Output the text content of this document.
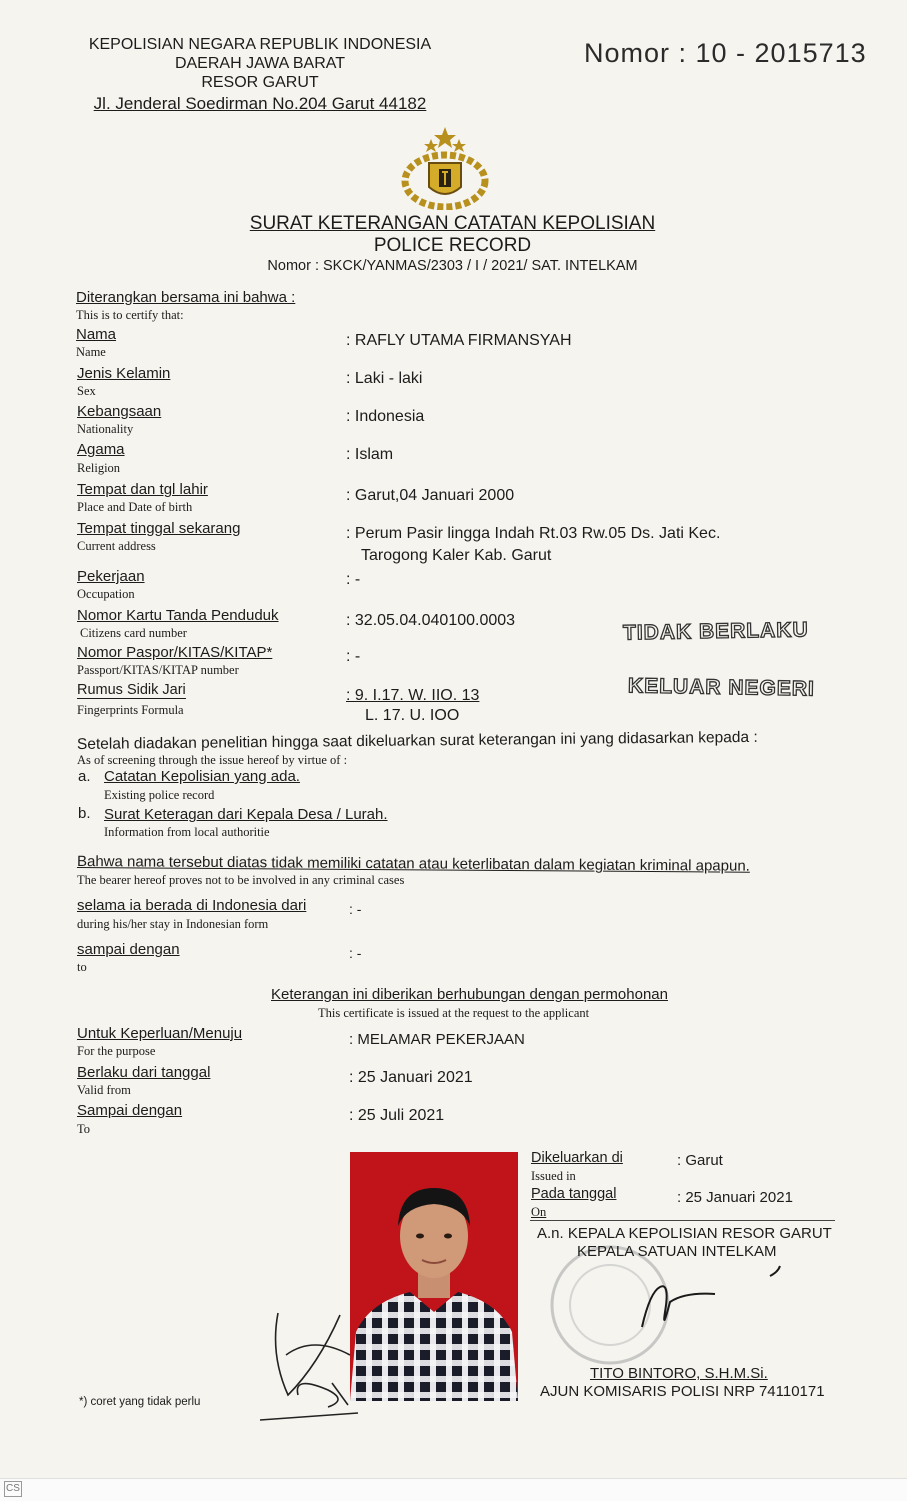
KEPOLISIAN NEGARA REPUBLIK INDONESIA
DAERAH JAWA BARAT
RESOR GARUT
Jl. Jenderal Soedirman No.204 Garut 44182
Nomor : 10 - 2015713
SURAT KETERANGAN CATATAN KEPOLISIAN
POLICE RECORD
Nomor : SKCK/YANMAS/2303 / I / 2021/ SAT. INTELKAM
Diterangkan bersama ini bahwa :
This is to certify that:
Nama
Name
: RAFLY UTAMA FIRMANSYAH
Jenis Kelamin
Sex
: Laki - laki
Kebangsaan
Nationality
: Indonesia
Agama
Religion
: Islam
Tempat dan tgl lahir
Place and Date of birth
: Garut,04 Januari 2000
Tempat tinggal sekarang
Current address
: Perum Pasir lingga Indah Rt.03 Rw.05 Ds. Jati Kec.
Tarogong Kaler Kab. Garut
Pekerjaan
Occupation
: -
Nomor Kartu Tanda Penduduk
Citizens card number
: 32.05.04.040100.0003
Nomor Paspor/KITAS/KITAP*
Passport/KITAS/KITAP number
: -
Rumus Sidik Jari
Fingerprints Formula
: 9. I.17. W. IIO. 13
L. 17. U. IOO
TIDAK BERLAKU
KELUAR NEGERI
Setelah diadakan penelitian hingga saat dikeluarkan surat keterangan ini yang didasarkan kepada :
As of screening through the issue hereof by virtue of :
a. Catatan Kepolisian yang ada.
Existing police record
b. Surat Keteragan dari Kepala Desa / Lurah.
Information from local authoritie
Bahwa nama tersebut diatas tidak memiliki catatan atau keterlibatan dalam kegiatan kriminal apapun.
The bearer hereof proves not to be involved in any criminal cases
selama ia berada di Indonesia dari
during his/her stay in Indonesian form
: -
sampai dengan
to
: -
Keterangan ini diberikan berhubungan dengan permohonan
This certificate is issued at the request to the applicant
Untuk Keperluan/Menuju
For the purpose
: MELAMAR PEKERJAAN
Berlaku dari tanggal
Valid from
: 25 Januari 2021
Sampai dengan
To
: 25 Juli 2021
Dikeluarkan di
Issued in
: Garut
Pada tanggal
On
: 25 Januari 2021
A.n. KEPALA KEPOLISIAN RESOR GARUT
KEPALA SATUAN INTELKAM
TITO BINTORO, S.H.M.Si.
AJUN KOMISARIS POLISI NRP 74110171
*) coret yang tidak perlu
CS
